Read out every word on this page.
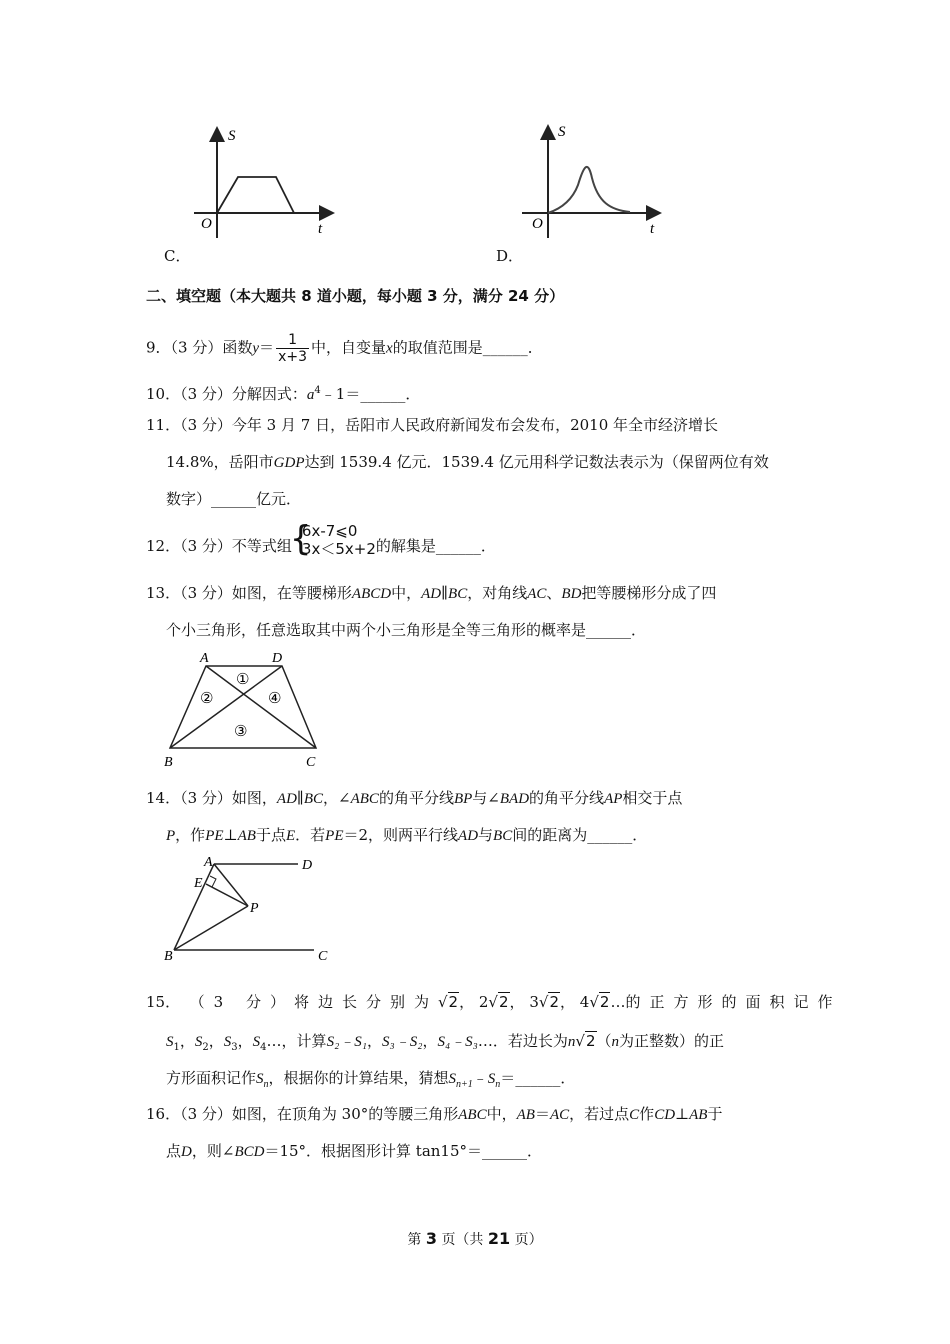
S
t
O
C．
S
t
O
D．
二、填空题（本大题共 8 道小题，每小题 3 分，满分 24 分）
9．（3 分）函数$y= \frac{1}{x+3}$ 中，自变量x的取值范围是______．
10．（3 分）分解因式：$a^4﹣1=\_\_\_\_\_\_$．
11．（3 分）今年 3 月 7 日，岳阳市人民政府新闻发布会发布，2010 年全市经济增长
14.8%，岳阳市GDP达到 1539.4 亿元．1539.4 亿元用科学记数法表示为（保留两位有效
数字）______亿元．
12．（3 分）不等式组
{
6x-7⩽0
3x＜5x+2 的解集是______．
13．（3 分）如图，在等腰梯形ABCD中，AD∥BC，对角线AC、BD把等腰梯形分成了四
个小三角形，任意选取其中两个小三角形是全等三角形的概率是______．
A	D
B	C
①
②
③
④
14．（3 分）如图，AD∥BC，∠ABC的角平分线BP与∠BAD的角平分线AP相交于点
P，作PE⊥AB于点E．若PE＝2，则两平行线AD与BC间的距离为______．
A	D
E
P
B	C
15． （3 分）将边长分别为√2， 2√2， 3√2， 4√2…的正方形的面积记作
$S_1$，$S_2$，$S_3$，$S_4\dots$，计算S₂﹣S₁，S₃﹣S₂，S₄﹣S₃…．若边长为n√2（n为正整数）的正
方形面积记作$S_n$，根据你的计算结果，猜想$S_{n+1}﹣S_n=\_\_\_\_\_\_$．
16．（3 分）如图，在顶角为 30°的等腰三角形ABC中，AB＝AC，若过点C作CD⊥AB于
点D，则∠BCD＝15°．根据图形计算 tan15°＝______．
第 3 页（共 21 页）
